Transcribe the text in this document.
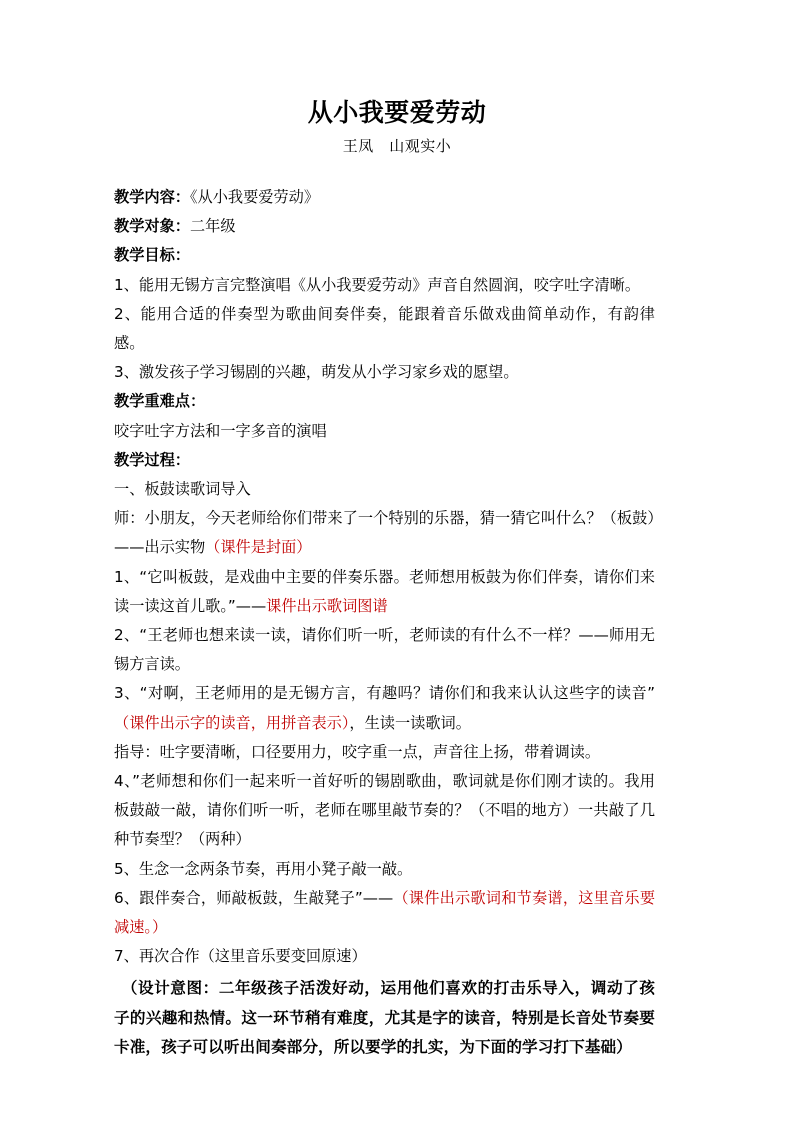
从小我要爱劳动
王凤　山观实小

教学内容：《从小我要爱劳动》

教学对象：二年级

教学目标：

1、能用无锡方言完整演唱《从小我要爱劳动》声音自然圆润，咬字吐字清晰。

2、能用合适的伴奏型为歌曲间奏伴奏，能跟着音乐做戏曲简单动作，有韵律感。

3、激发孩子学习锡剧的兴趣，萌发从小学习家乡戏的愿望。

教学重难点：

咬字吐字方法和一字多音的演唱

教学过程：

一、板鼓读歌词导入

师：小朋友，今天老师给你们带来了一个特别的乐器，猜一猜它叫什么？（板鼓）——出示实物（课件是封面）

1、“它叫板鼓，是戏曲中主要的伴奏乐器。老师想用板鼓为你们伴奏，请你们来读一读这首儿歌。”——课件出示歌词图谱

2、“王老师也想来读一读，请你们听一听，老师读的有什么不一样？——师用无锡方言读。

3、“对啊，王老师用的是无锡方言，有趣吗？请你们和我来认认这些字的读音”（课件出示字的读音，用拼音表示），生读一读歌词。

指导：吐字要清晰，口径要用力，咬字重一点，声音往上扬，带着调读。

4、”老师想和你们一起来听一首好听的锡剧歌曲，歌词就是你们刚才读的。我用板鼓敲一敲，请你们听一听，老师在哪里敲节奏的？（不唱的地方）一共敲了几种节奏型？（两种）

5、生念一念两条节奏，再用小凳子敲一敲。

6、跟伴奏合，师敲板鼓，生敲凳子”——（课件出示歌词和节奏谱，这里音乐要减速。）

7、再次合作（这里音乐要变回原速）

（设计意图：二年级孩子活泼好动，运用他们喜欢的打击乐导入，调动了孩子的兴趣和热情。这一环节稍有难度，尤其是字的读音，特别是长音处节奏要卡准，孩子可以听出间奏部分，所以要学的扎实，为下面的学习打下基础）
